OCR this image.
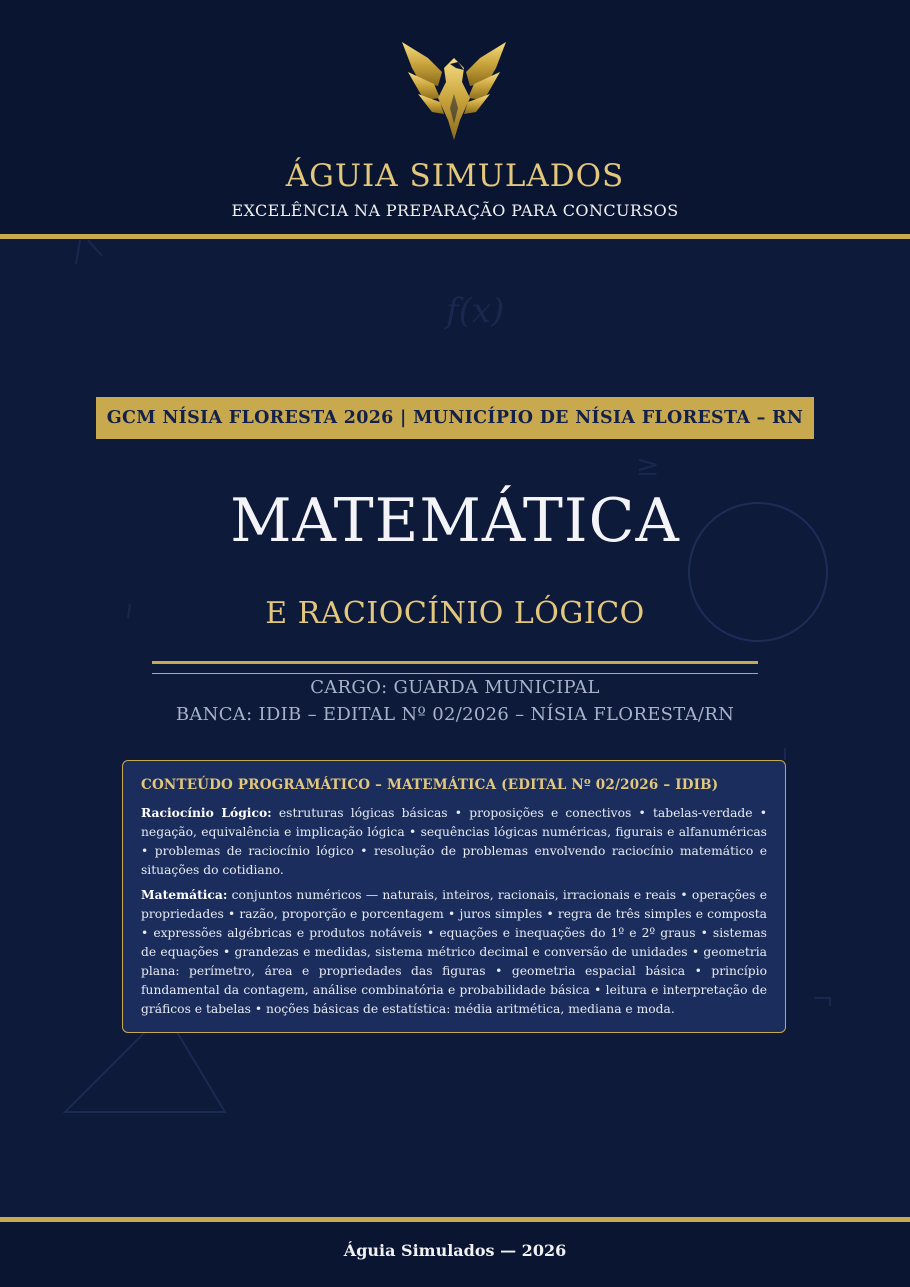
f(x)
≥
ÁGUIA SIMULADOS
EXCELÊNCIA NA PREPARAÇÃO PARA CONCURSOS
GCM NÍSIA FLORESTA 2026 | MUNICÍPIO DE NÍSIA FLORESTA – RN
MATEMÁTICA
E RACIOCÍNIO LÓGICO
CARGO: GUARDA MUNICIPAL
BANCA: IDIB – EDITAL Nº 02/2026 – NÍSIA FLORESTA/RN
CONTEÚDO PROGRAMÁTICO – MATEMÁTICA (EDITAL Nº 02/2026 – IDIB)

Raciocínio Lógico: estruturas lógicas básicas • proposições e conectivos • tabelas-verdade • negação, equivalência e implicação lógica • sequências lógicas numéricas, figurais e alfanuméricas • problemas de raciocínio lógico • resolução de problemas envolvendo raciocínio matemático e situações do cotidiano.

Matemática: conjuntos numéricos — naturais, inteiros, racionais, irracionais e reais • operações e propriedades • razão, proporção e porcentagem • juros simples • regra de três simples e composta • expressões algébricas e produtos notáveis • equações e inequações do 1º e 2º graus • sistemas de equações • grandezas e medidas, sistema métrico decimal e conversão de unidades • geometria plana: perímetro, área e propriedades das figuras • geometria espacial básica • princípio fundamental da contagem, análise combinatória e probabilidade básica • leitura e interpretação de gráficos e tabelas • noções básicas de estatística: média aritmética, mediana e moda.

Águia Simulados — 2026
